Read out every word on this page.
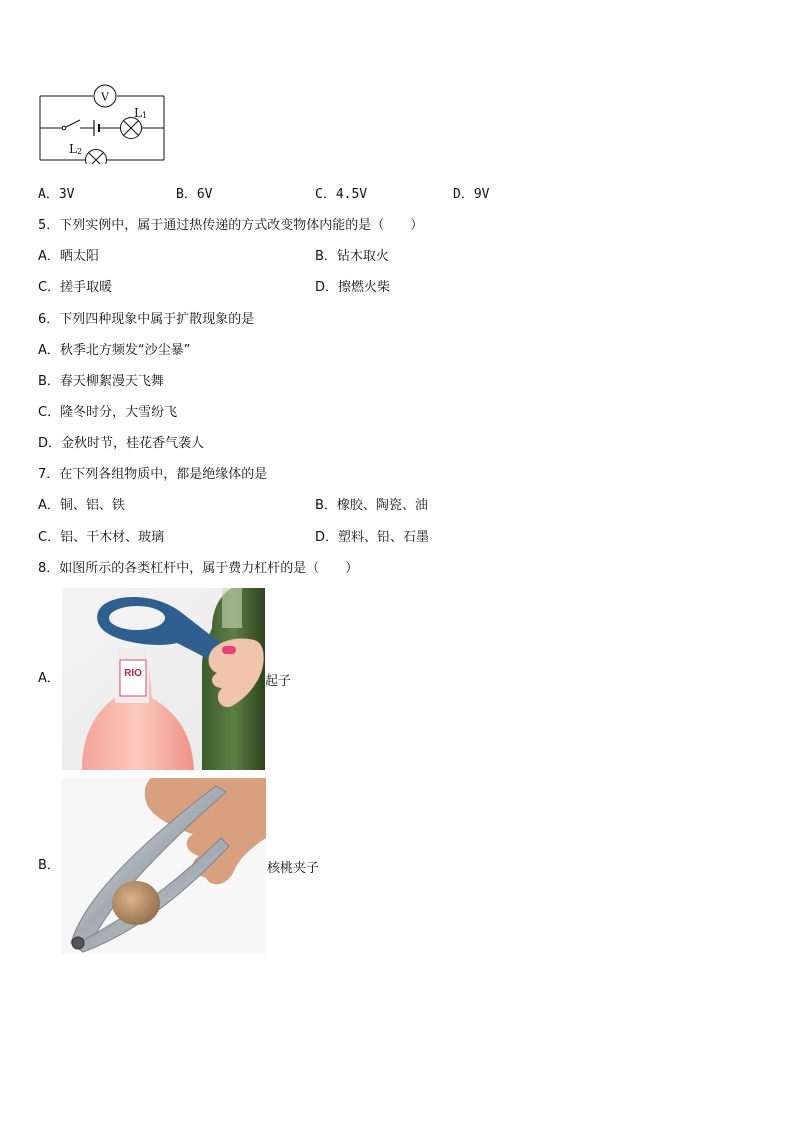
V
L1
L2
A．3V	B．6V	C．4.5V	D．9V
5．下列实例中，属于通过热传递的方式改变物体内能的是（　　）
A．晒太阳	B．钻木取火
C．搓手取暖	D．擦燃火柴
6．下列四种现象中属于扩散现象的是
A．秋季北方频发“沙尘暴”
B．春天柳絮漫天飞舞
C．隆冬时分，大雪纷飞
D．金秋时节，桂花香气袭人
7．在下列各组物质中，都是绝缘体的是
A．铜、铝、铁	B．橡胶、陶瓷、油
C．铝、干木材、玻璃	D．塑料、铅、石墨
8．如图所示的各类杠杆中，属于费力杠杆的是（　　）
A．	RIO
起子
B．	核桃夹子
